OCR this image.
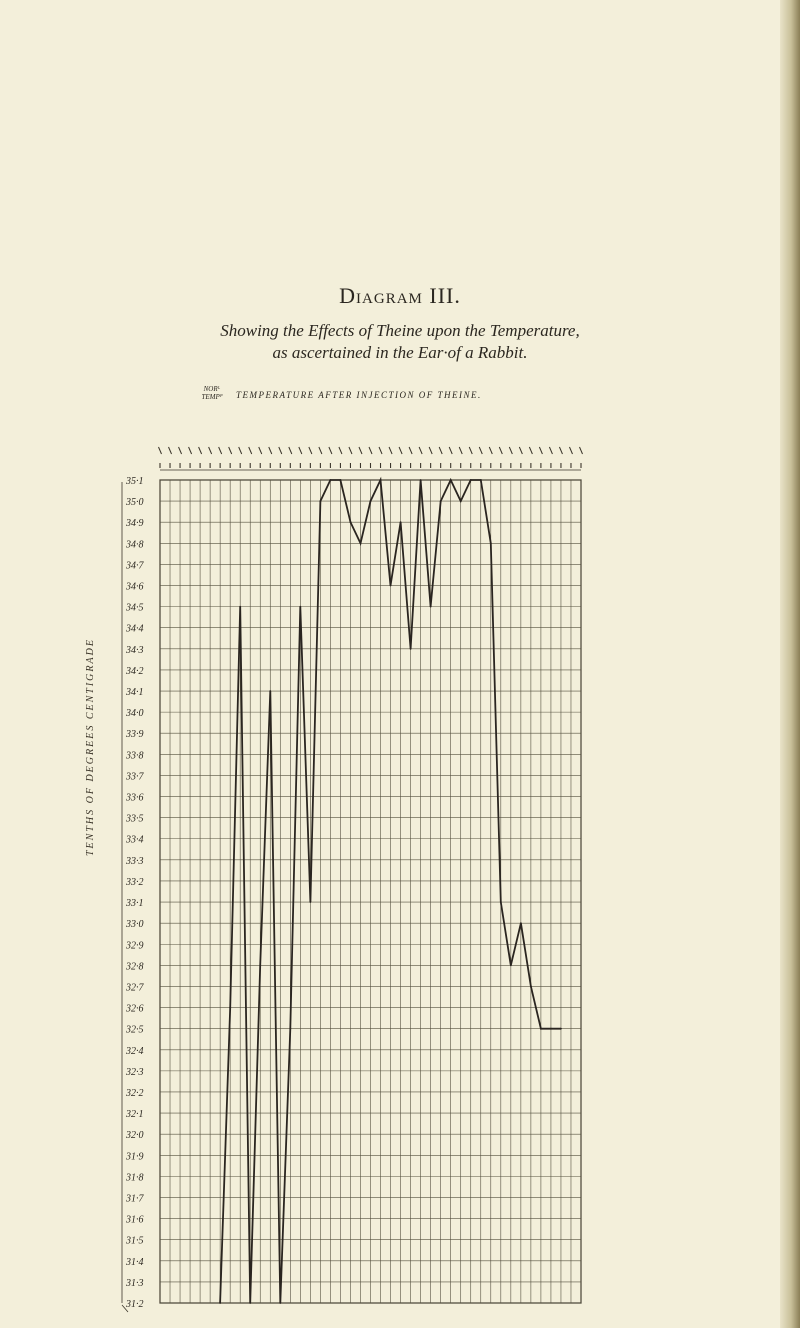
Diagram III.
Showing the Effects of Theine upon the Temperature,
as ascertained in the Ear·of a Rabbit.
NORᴸ TEMPᴾ	TEMPERATURE AFTER INJECTION OF THEINE.
TENTHS OF DEGREES CENTIGRADE
35·1
35·0
34·9
34·8
34·7
34·6
34·5
34·4
34·3
34·2
34·1
34·0
33·9
33·8
33·7
33·6
33·5
33·4
33·3
33·2
33·1
33·0
32·9
32·8
32·7
32·6
32·5
32·4
32·3
32·2
32·1
32·0
31·9
31·8
31·7
31·6
31·5
31·4
31·3
31·2
